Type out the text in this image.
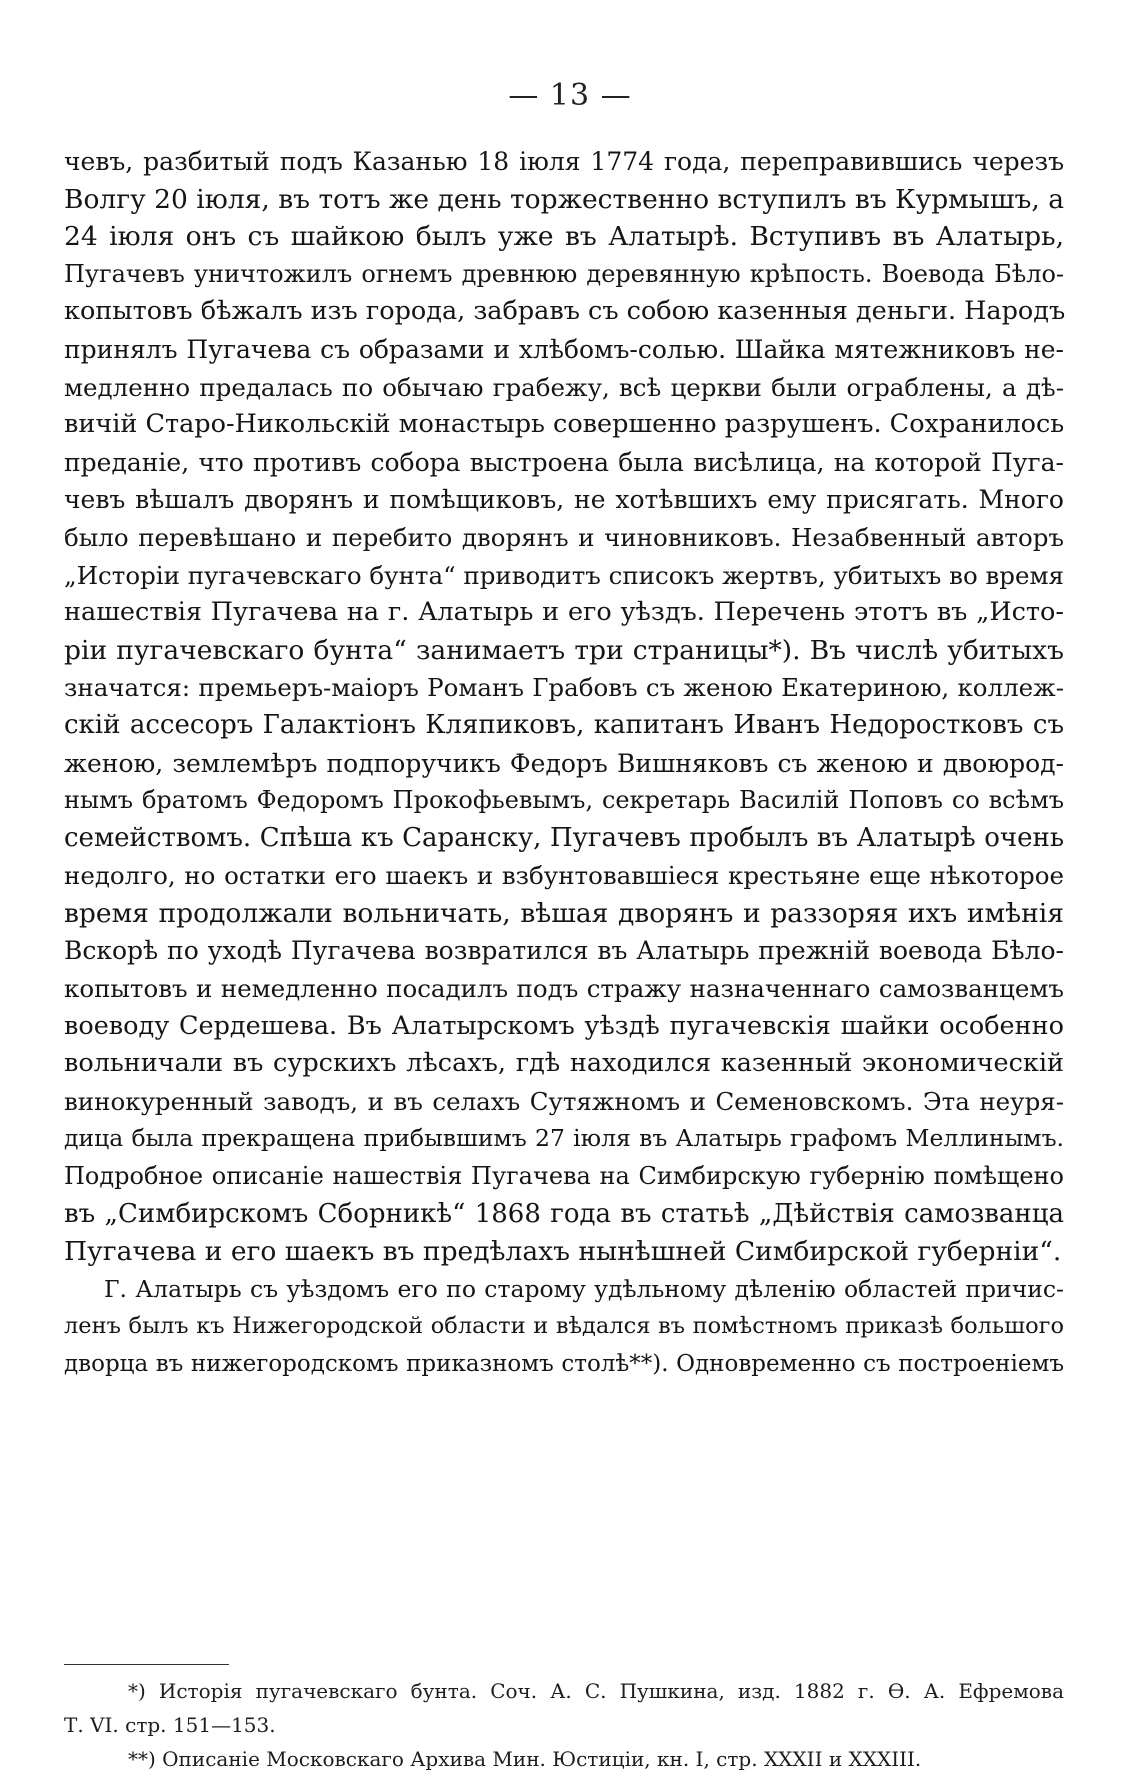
— 13 —
чевъ, разбитый подъ Казанью 18 іюля 1774 года, переправившись черезъ
Волгу 20 іюля, въ тотъ же день торжественно вступилъ въ Курмышъ, а
24 іюля онъ съ шайкою былъ уже въ Алатырѣ. Вступивъ въ Алатырь,
Пугачевъ уничтожилъ огнемъ древнюю деревянную крѣпость. Воевода Бѣло-
копытовъ бѣжалъ изъ города, забравъ съ собою казенныя деньги. Народъ
принялъ Пугачева съ образами и хлѣбомъ-солью. Шайка мятежниковъ не-
медленно предалась по обычаю грабежу, всѣ церкви были ограблены, а дѣ-
вичій Старо-Никольскій монастырь совершенно разрушенъ. Сохранилось
преданіе, что противъ собора выстроена была висѣлица, на которой Пуга-
чевъ вѣшалъ дворянъ и помѣщиковъ, не хотѣвшихъ ему присягать. Много
было перевѣшано и перебито дворянъ и чиновниковъ. Незабвенный авторъ
„Исторіи пугачевскаго бунта“ приводитъ списокъ жертвъ, убитыхъ во время
нашествія Пугачева на г. Алатырь и его уѣздъ. Перечень этотъ въ „Исто-
ріи пугачевскаго бунта“ занимаетъ три страницы*). Въ числѣ убитыхъ
значатся: премьеръ-маіоръ Романъ Грабовъ съ женою Екатериною, коллеж-
скій ассесоръ Галактіонъ Кляпиковъ, капитанъ Иванъ Недоростковъ съ
женою, землемѣръ подпоручикъ Федоръ Вишняковъ съ женою и двоюрод-
нымъ братомъ Федоромъ Прокофьевымъ, секретарь Василій Поповъ со всѣмъ
семействомъ. Спѣша къ Саранску, Пугачевъ пробылъ въ Алатырѣ очень
недолго, но остатки его шаекъ и взбунтовавшіеся крестьяне еще нѣкоторое
время продолжали вольничать, вѣшая дворянъ и раззоряя ихъ имѣнія
Вскорѣ по уходѣ Пугачева возвратился въ Алатырь прежній воевода Бѣло-
копытовъ и немедленно посадилъ подъ стражу назначеннаго самозванцемъ
воеводу Сердешева. Въ Алатырскомъ уѣздѣ пугачевскія шайки особенно
вольничали въ сурскихъ лѣсахъ, гдѣ находился казенный экономическій
винокуренный заводъ, и въ селахъ Сутяжномъ и Семеновскомъ. Эта неуря-
дица была прекращена прибывшимъ 27 іюля въ Алатырь графомъ Меллинымъ.
Подробное описаніе нашествія Пугачева на Симбирскую губернію помѣщено
въ „Симбирскомъ Сборникѣ“ 1868 года въ статьѣ „Дѣйствія самозванца
Пугачева и его шаекъ въ предѣлахъ нынѣшней Симбирской губерніи“.
Г. Алатырь съ уѣздомъ его по старому удѣльному дѣленію областей причис-
ленъ былъ къ Нижегородской области и вѣдался въ помѣстномъ приказѣ большого
дворца въ нижегородскомъ приказномъ столѣ**). Одновременно съ построеніемъ
*) Исторія пугачевскаго бунта. Соч. А. С. Пушкина, изд. 1882 г. Ѳ. А. Ефремова
Т. VI. стр. 151—153.
**) Описаніе Московскаго Архива Мин. Юстиціи, кн. I, стр. XXXII и XXXIII.
